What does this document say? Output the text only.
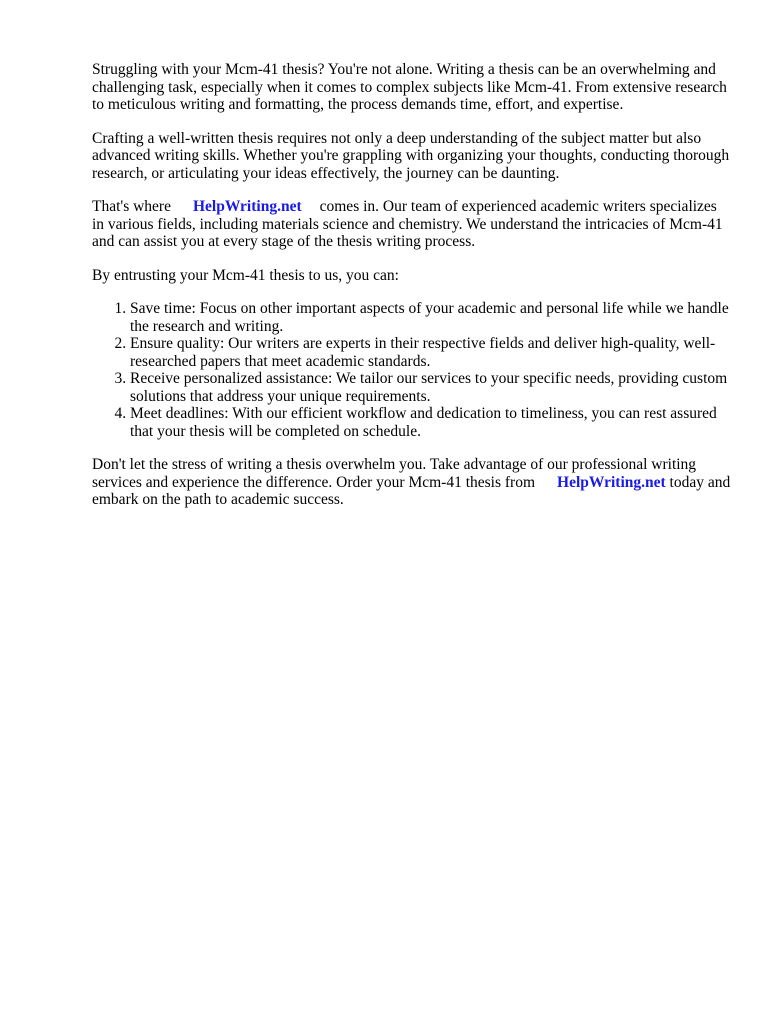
Struggling with your Mcm-41 thesis? You're not alone. Writing a thesis can be an overwhelming and challenging task, especially when it comes to complex subjects like Mcm-41. From extensive research to meticulous writing and formatting, the process demands time, effort, and expertise.

Crafting a well-written thesis requires not only a deep understanding of the subject matter but also advanced writing skills. Whether you're grappling with organizing your thoughts, conducting thorough research, or articulating your ideas effectively, the journey can be daunting.

That's where HelpWriting.net comes in. Our team of experienced academic writers specializes in various fields, including materials science and chemistry. We understand the intricacies of Mcm-41 and can assist you at every stage of the thesis writing process.

By entrusting your Mcm-41 thesis to us, you can:

1. Save time: Focus on other important aspects of your academic and personal life while we handle the research and writing.
2. Ensure quality: Our writers are experts in their respective fields and deliver high-quality, well-researched papers that meet academic standards.
3. Receive personalized assistance: We tailor our services to your specific needs, providing custom solutions that address your unique requirements.
4. Meet deadlines: With our efficient workflow and dedication to timeliness, you can rest assured that your thesis will be completed on schedule.

Don't let the stress of writing a thesis overwhelm you. Take advantage of our professional writing services and experience the difference. Order your Mcm-41 thesis from HelpWriting.net today and embark on the path to academic success.
